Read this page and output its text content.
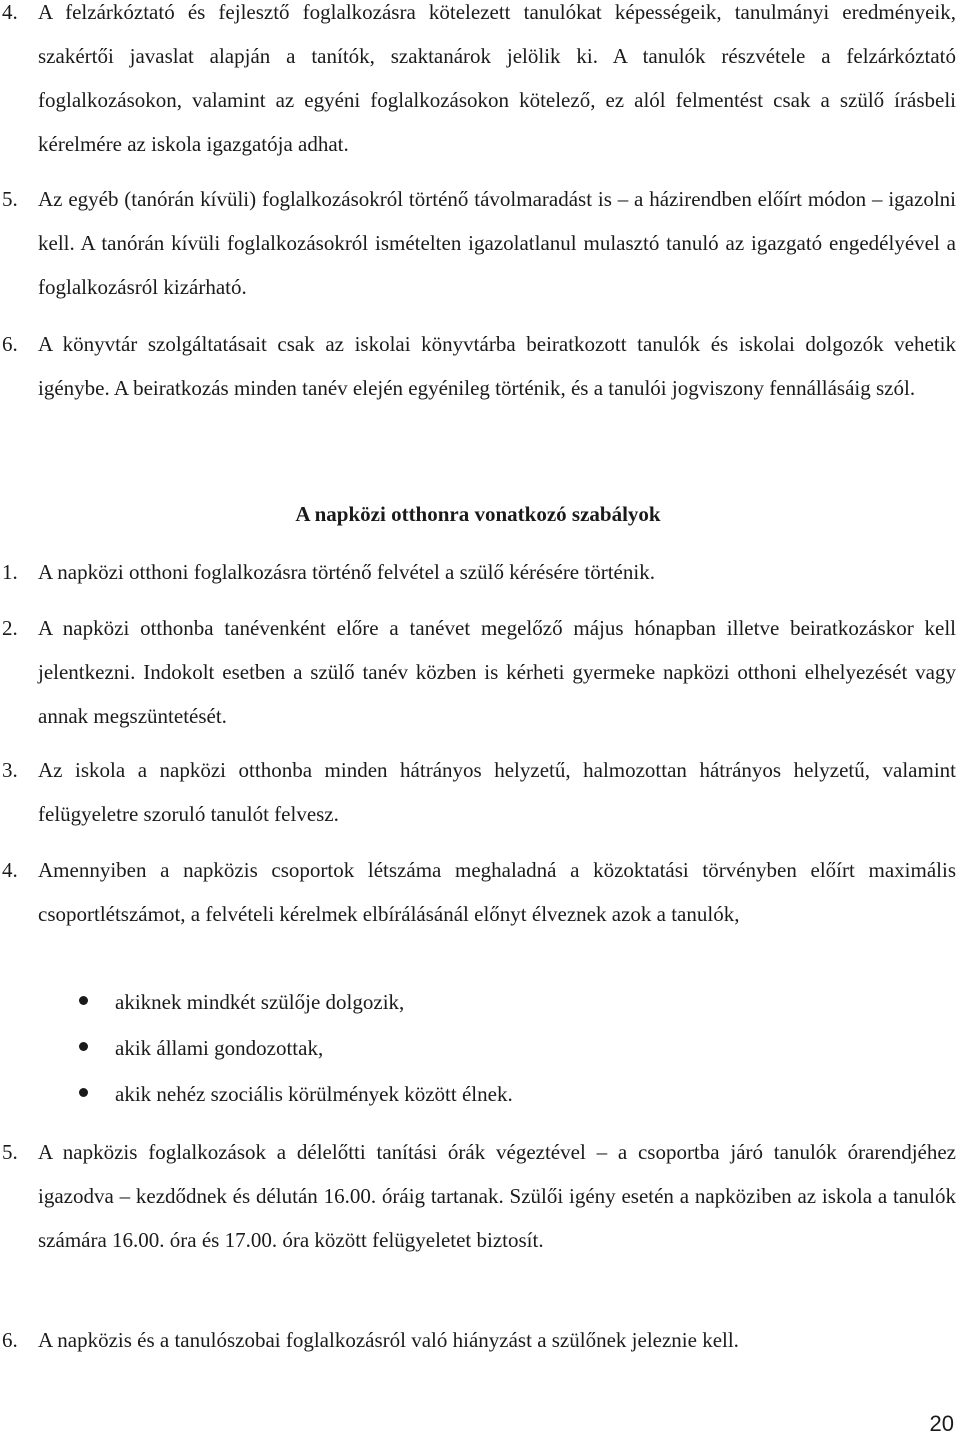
4. A felzárkóztató és fejlesztő foglalkozásra kötelezett tanulókat képességeik, tanulmányi eredményeik, szakértői javaslat alapján a tanítók, szaktanárok jelölik ki. A tanulók részvétele a felzárkóztató foglalkozásokon, valamint az egyéni foglalkozásokon kötelező, ez alól felmentést csak a szülő írásbeli kérelmére az iskola igazgatója adhat.
5. Az egyéb (tanórán kívüli) foglalkozásokról történő távolmaradást is – a házirendben előírt módon – igazolni kell. A tanórán kívüli foglalkozásokról ismételten igazolatlanul mulasztó tanuló az igazgató engedélyével a foglalkozásról kizárható.
6. A könyvtár szolgáltatásait csak az iskolai könyvtárba beiratkozott tanulók és iskolai dolgozók vehetik igénybe. A beiratkozás minden tanév elején egyénileg történik, és a tanulói jogviszony fennállásáig szól.
A napközi otthonra vonatkozó szabályok
1. A napközi otthoni foglalkozásra történő felvétel a szülő kérésére történik.
2. A napközi otthonba tanévenként előre a tanévet megelőző május hónapban illetve beiratkozáskor kell jelentkezni. Indokolt esetben a szülő tanév közben is kérheti gyermeke napközi otthoni elhelyezését vagy annak megszüntetését.
3. Az iskola a napközi otthonba minden hátrányos helyzetű, halmozottan hátrányos helyzetű, valamint felügyeletre szoruló tanulót felvesz.
4. Amennyiben a napközis csoportok létszáma meghaladná a közoktatási törvényben előírt maximális csoportlétszámot, a felvételi kérelmek elbírálásánál előnyt élveznek azok a tanulók,
akiknek mindkét szülője dolgozik,
akik állami gondozottak,
akik nehéz szociális körülmények között élnek.
5. A napközis foglalkozások a délelőtti tanítási órák végeztével – a csoportba járó tanulók órarendjéhez igazodva – kezdődnek és délután 16.00. óráig tartanak. Szülői igény esetén a napköziben az iskola a tanulók számára 16.00. óra és 17.00. óra között felügyeletet biztosít.
6. A napközis és a tanulószobai foglalkozásról való hiányzást a szülőnek jeleznie kell.
20
